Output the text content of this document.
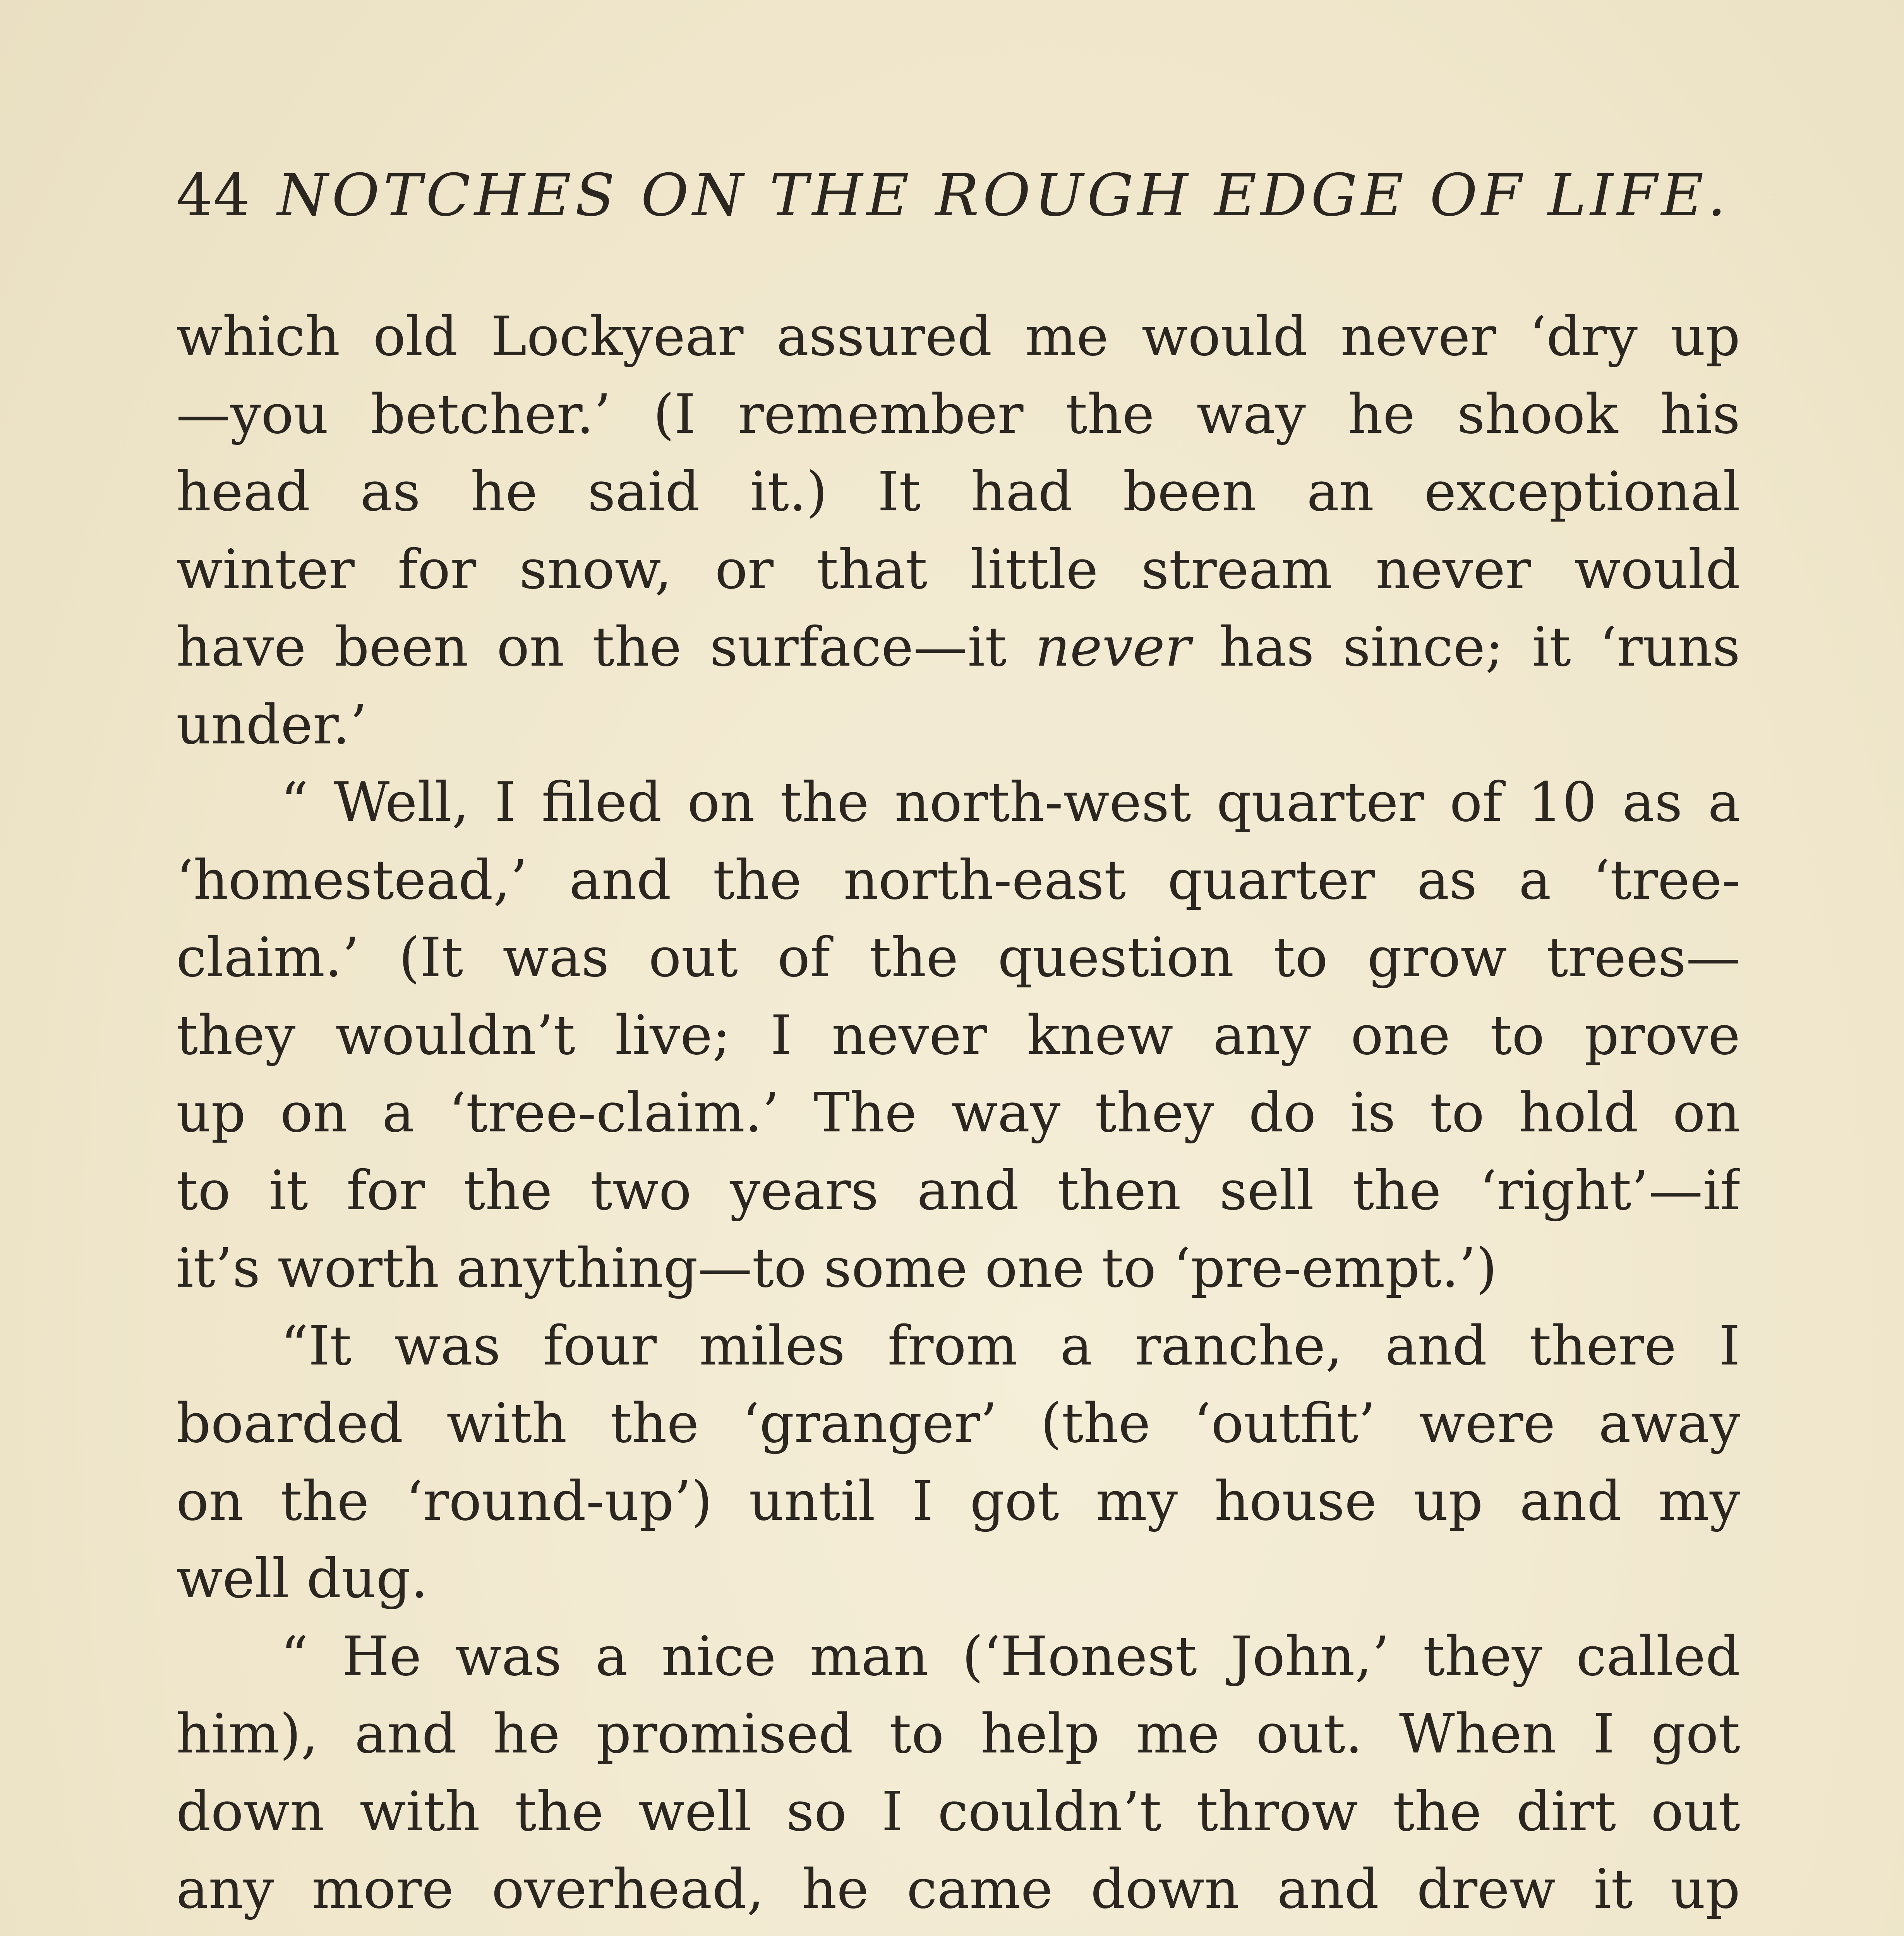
44 NOTCHES ON THE ROUGH EDGE OF LIFE.
which old Lockyear assured me would never ‘dry up
—you betcher.’ (I remember the way he shook his
head as he said it.) It had been an exceptional
winter for snow, or that little stream never would
have been on the surface—it never has since; it ‘runs
under.’
“ Well, I filed on the north-west quarter of 10 as a
‘homestead,’ and the north-east quarter as a ‘tree-
claim.’ (It was out of the question to grow trees—
they wouldn’t live; I never knew any one to prove
up on a ‘tree-claim.’ The way they do is to hold on
to it for the two years and then sell the ‘right’—if
it’s worth anything—to some one to ‘pre-empt.’)
“It was four miles from a ranche, and there I
boarded with the ‘granger’ (the ‘outfit’ were away
on the ‘round-up’) until I got my house up and my
well dug.
“ He was a nice man (‘Honest John,’ they called
him), and he promised to help me out. When I got
down with the well so I couldn’t throw the dirt out
any more overhead, he came down and drew it up
